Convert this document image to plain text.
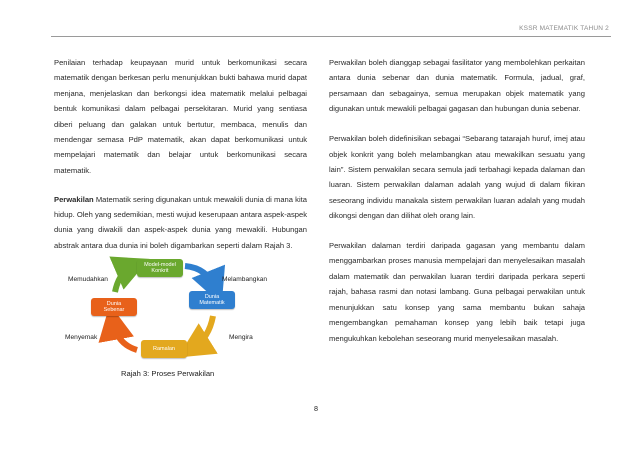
KSSR MATEMATIK TAHUN 2

Penilaian terhadap keupayaan murid untuk berkomunikasi secara matematik dengan berkesan perlu menunjukkan bukti bahawa murid dapat menjana, menjelaskan dan berkongsi idea matematik melalui pelbagai bentuk komunikasi dalam pelbagai persekitaran. Murid yang sentiasa diberi peluang dan galakan untuk bertutur, membaca, menulis dan mendengar semasa PdP matematik, akan dapat berkomunikasi untuk mempelajari matematik dan belajar untuk berkomunikasi secara matematik.

Perwakilan Matematik sering digunakan untuk mewakili dunia di mana kita hidup. Oleh yang sedemikian, mesti wujud keserupaan antara aspek-aspek dunia yang diwakili dan aspek-aspek dunia yang mewakili. Hubungan abstrak antara dua dunia ini boleh digambarkan seperti dalam Rajah 3.

Model-model
Konkrit
Dunia
Matematik
Ramalan
Dunia
Sebenar
Memudahkan	Melambangkan
Mengira
Menyemak
Rajah 3: Proses Perwakilan

Perwakilan boleh dianggap sebagai fasilitator yang membolehkan perkaitan antara dunia sebenar dan dunia matematik. Formula, jadual, graf, persamaan dan sebagainya, semua merupakan objek matematik yang digunakan untuk mewakili pelbagai gagasan dan hubungan dunia sebenar.

Perwakilan boleh didefinisikan sebagai “Sebarang tatarajah huruf, imej atau objek konkrit yang boleh melambangkan atau mewakilkan sesuatu yang lain”. Sistem perwakilan secara semula jadi terbahagi kepada dalaman dan luaran. Sistem perwakilan dalaman adalah yang wujud di dalam fikiran seseorang individu manakala sistem perwakilan luaran adalah yang mudah dikongsi dengan dan dilihat oleh orang lain.

Perwakilan dalaman terdiri daripada gagasan yang membantu dalam menggambarkan proses manusia mempelajari dan menyelesaikan masalah dalam matematik dan perwakilan luaran terdiri daripada perkara seperti rajah, bahasa rasmi dan notasi lambang. Guna pelbagai perwakilan untuk menunjukkan satu konsep yang sama membantu bukan sahaja mengembangkan pemahaman konsep yang lebih baik tetapi juga mengukuhkan kebolehan seseorang murid menyelesaikan masalah.

8
